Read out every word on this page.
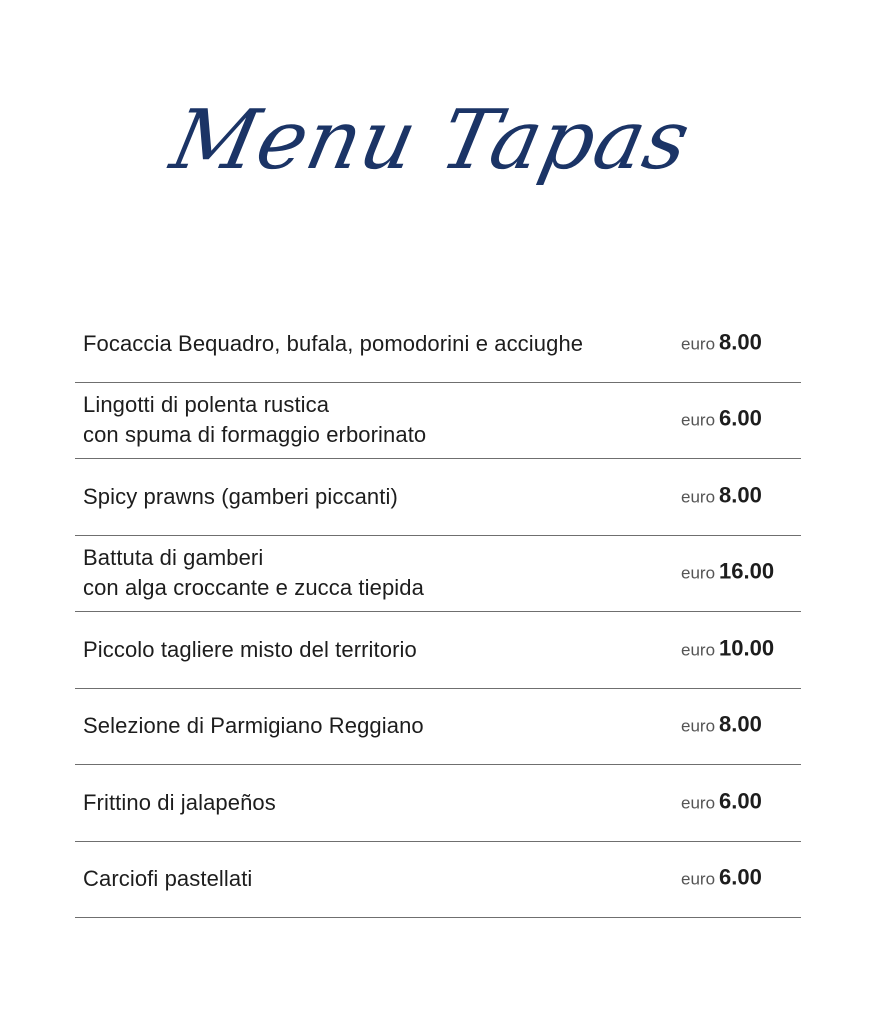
Menu Tapas
Focaccia Bequadro, bufala, pomodorini e acciughe	euro 8.00
Lingotti di polenta rustica
con spuma di formaggio erborinato
euro 6.00
Spicy prawns (gamberi piccanti)	euro 8.00
Battuta di gamberi
con alga croccante e zucca tiepida
euro 16.00
Piccolo tagliere misto del territorio	euro 10.00
Selezione di Parmigiano Reggiano	euro 8.00
Frittino di jalapeños	euro 6.00
Carciofi pastellati	euro 6.00
